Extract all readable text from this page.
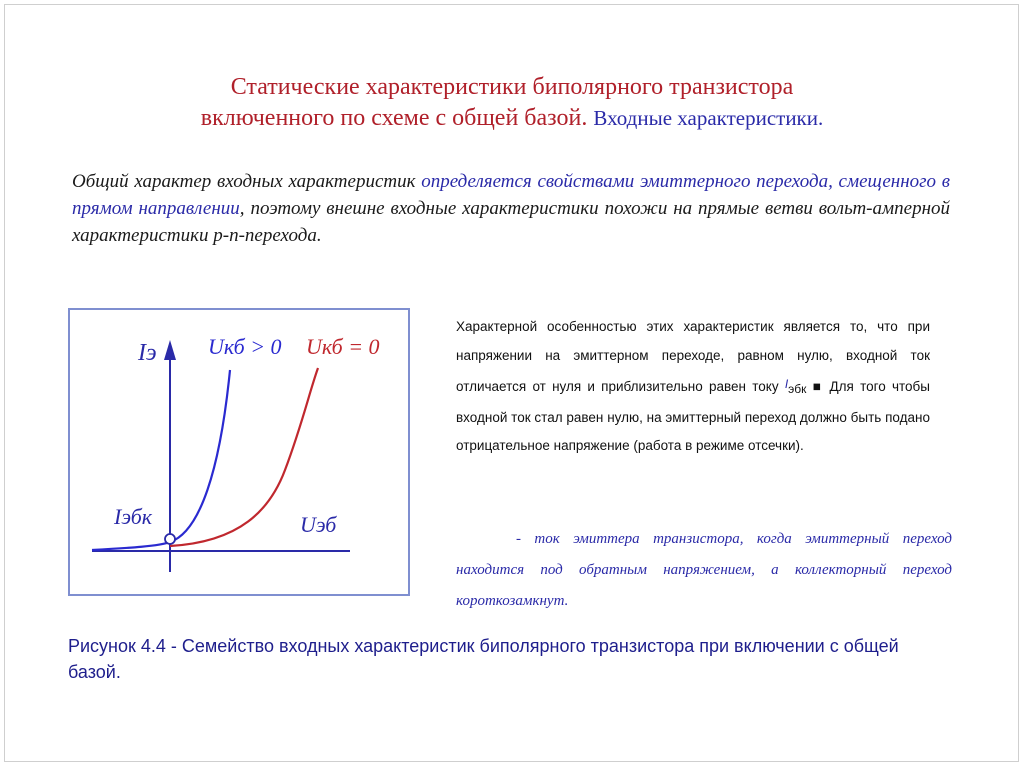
Статические характеристики биполярного транзистора
включенного по схеме с общей базой. Входные характеристики.
Общий характер входных характеристик определяется свойствами эмиттерного перехода, смещенного в прямом направлении, поэтому внешне входные характеристики похожи на прямые ветви вольт-амперной характеристики p-n-перехода.
Iэ
Iэбк	Uэб
Uкб > 0 Uкб = 0
Характерной особенностью этих характеристик является то, что при напряжении на эмиттерном переходе, равном нулю, входной ток отличается от нуля и приблизительно равен току Iэбк ■ Для того чтобы входной ток стал равен нулю, на эмиттерный переход должно быть подано отрицательное напряжение (работа в режиме отсечки).
- ток эмиттера транзистора, когда эмиттерный переход находится под обратным напряжением, а коллекторный переход короткозамкнут.
Рисунок 4.4 - Семейство входных характеристик биполярного транзистора при включении с общей базой.
